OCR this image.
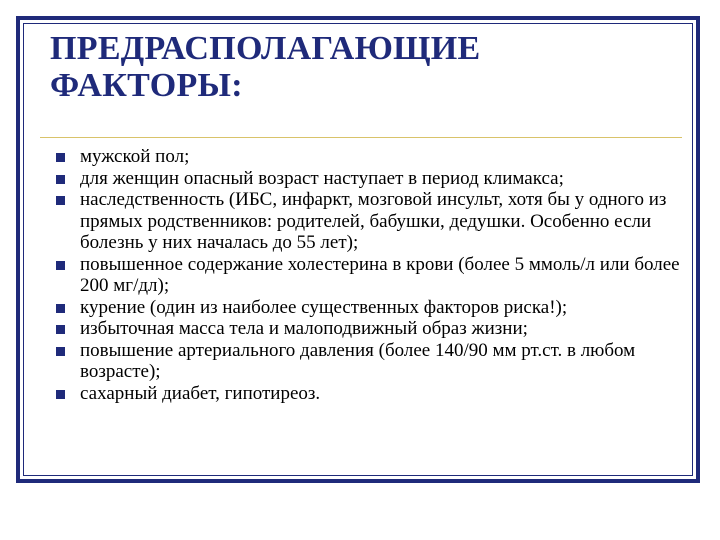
ПРЕДРАСПОЛАГАЮЩИЕ
ФАКТОРЫ:
мужской пол;
для женщин опасный возраст наступает в период климакса;
наследственность (ИБС, инфаркт, мозговой инсульт, хотя бы у одного из прямых родственников: родителей, бабушки, дедушки. Особенно если болезнь у них началась до 55 лет);
повышенное содержание холестерина в крови (более 5 ммоль/л или более 200 мг/дл);
курение (один из наиболее существенных факторов риска!);
избыточная масса тела и малоподвижный образ жизни;
повышение артериального давления (более 140/90 мм рт.ст. в любом возрасте);
сахарный диабет, гипотиреоз.
